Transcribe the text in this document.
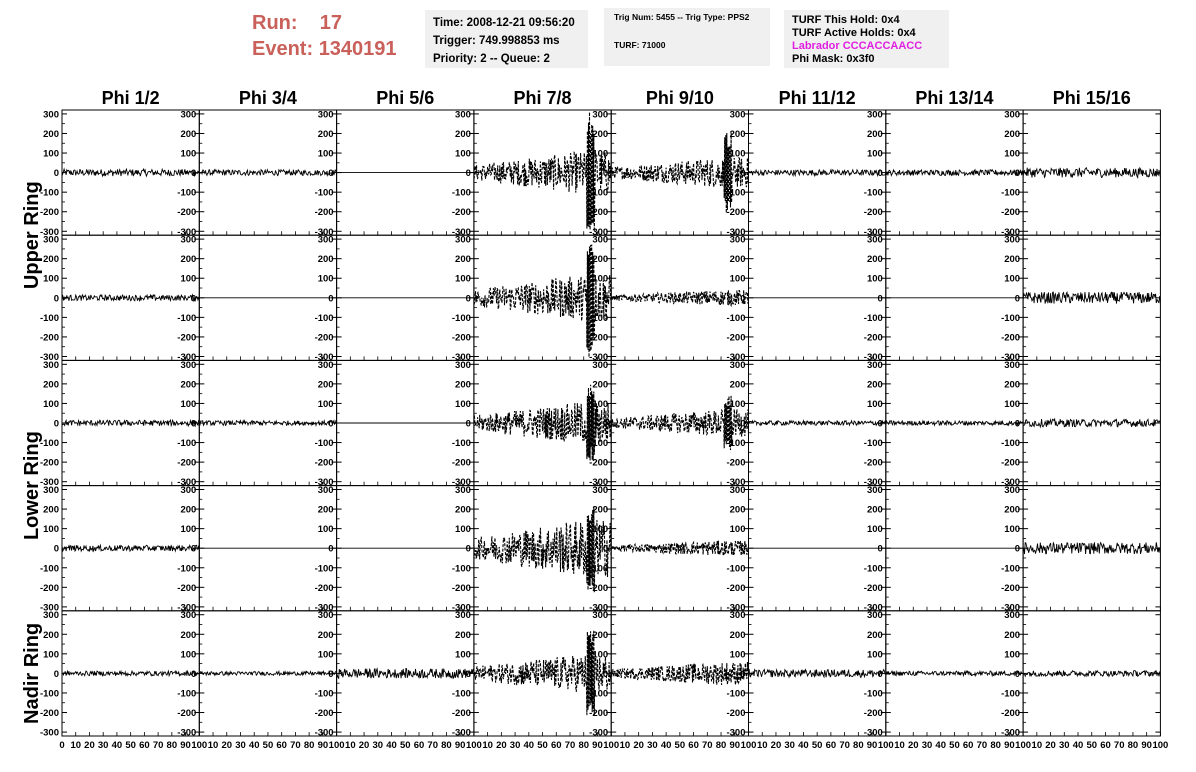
Run: 17
Event: 1340191
Time: 2008-12-21 09:56:20
Trigger: 749.998853 ms
Priority: 2 -- Queue: 2
Trig Num: 5455 -- Trig Type: PPS2
TURF: 71000
TURF This Hold: 0x4
TURF Active Holds: 0x4
Labrador CCCACCAACC
Phi Mask: 0x3f0
Phi 1/2	Phi 3/4	Phi 5/6	Phi 7/8	Phi 9/10	Phi 11/12	Phi 13/14	Phi 15/16
Upper Ring
Lower Ring
Nadir Ring
300
200
100
0
-100
-200
-300
300
200
100
0
-100
-200
-300
300
200
100
0
-100
-200
-300
300
200
100
0
-100
-200
-300
300
200
100
0
-100
-200
-300
300
200
100
0
-100
-200
-300
300
200
100
0
-100
-200
-300
300
200
100
0
-100
-200
-300
300
200
100
0
-100
-200
-300
300
200
100
0
-100
-200
-300
300
200
100
0
-100
-200
-300
300
200
100
0
-100
-200
-300
300
200
100
0
-100
-200
-300
300
200
100
0
-100
-200
-300
300
200
100
0
-100
-200
-300
300
200
100
0
-100
-200
-300
300
200
100
0
-100
-200
-300
300
200
100
0
-100
-200
-300
300
200
100
0
-100
-200
-300
300
200
100
0
-100
-200
-300
300
200
100
0
-100
-200
-300
300
200
100
0
-100
-200
-300
300
200
100
0
-100
-200
-300
300
200
100
0
-100
-200
-300
300
200
100
0
-100
-200
-300
300
200
100
0
-100
-200
-300
300
200
100
0
-100
-200
-300
300
200
100
0
-100
-200
-300
300
200
100
0
-100
-200
-300
300
200
100
0
-100
-200
-300
300
200
100
0
-100
-200
-300
300
200
100
0
-100
-200
-300
300
200
100
0
-100
-200
-300
300
200
100
0
-100
-200
-300
300
200
100
0
-100
-200
-300
300
200
100
0
-100
-200
-300
300
200
100
0
-100
-200
-300
300
200
100
0
-100
-200
-300
300
200
100
0
-100
-200
-300
300
200
100
0
-100
-200
-300
0 10 20 30 40 50 60 70 80 90 100 10 20 30 40 50 60 70 80 90 100 10 20 30 40 50 60 70 80 90 100 10 20 30 40 50 60 70 80 90 100 10 20 30 40 50 60 70 80 90 100 10 20 30 40 50 60 70 80 90 100 10 20 30 40 50 60 70 80 90 100 10 20 30 40 50 60 70 80 90 100
